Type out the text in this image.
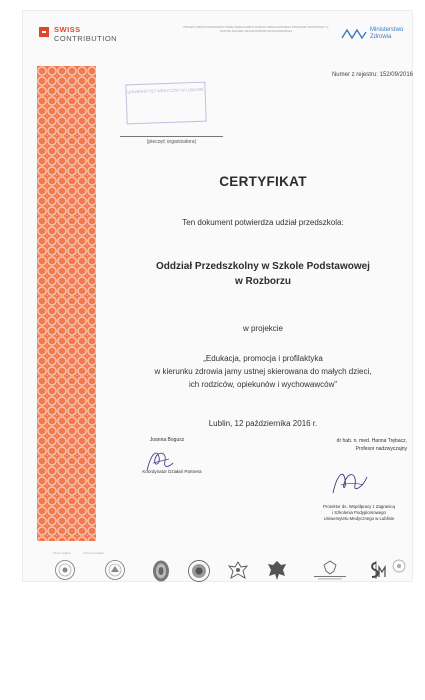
SWISS
CONTRIBUTION
PROJEKT WSPÓŁFINANSOWANY PRZEZ SZWAJCARIĘ W RAMACH SZWAJCARSKIEGO PROGRAMU WSPÓŁPRACY Z NOWYMI KRAJAMI CZŁONKOWSKIMI UNII EUROPEJSKIEJ	Ministerstwo
Zdrowia
Numer z rejestru: 152/09/2016
UNIWERSYTET MEDYCZNY W LUBLINIE
(pieczęć organizatora)
CERTYFIKAT
Ten dokument potwierdza udział przedszkola:
Oddział Przedszkolny w Szkole Podstawowej
w Rozborzu
w projekcie
„Edukacja, promocja i profilaktyka
w kierunku zdrowia jamy ustnej skierowana do małych dzieci,
ich rodziców, opiekunów i wychowawców”
Lublin, 12 października 2016 r.
Joanna Bogusz
Koordynator Działań Partnera
dr hab. n. med. Hanna Trębacz,
Profesor nadzwyczajny
Prorektor ds. Współpracy z Zagranicą
i Szkolenia Podyplomowego
Uniwersytetu Medycznego w Lublinie
Partner projektu	Partnerzy projektu
